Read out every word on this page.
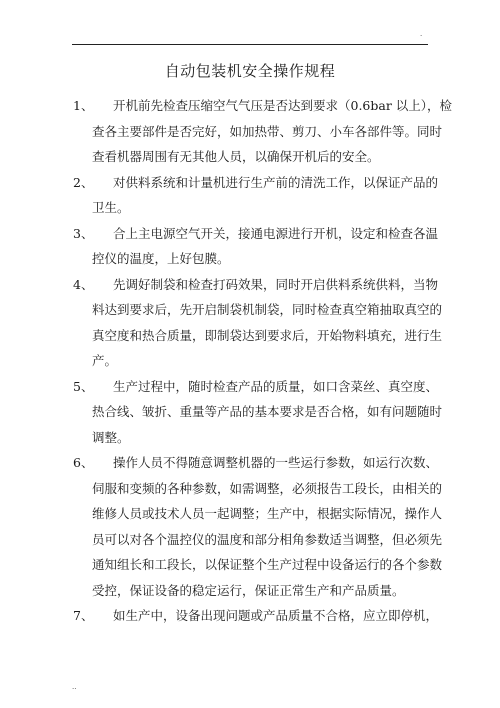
.
自动包装机安全操作规程
1、	开机前先检查压缩空气气压是否达到要求（0.6bar 以上），检
查各主要部件是否完好，如加热带、剪刀、小车各部件等。同时
查看机器周围有无其他人员，以确保开机后的安全。
2、	对供料系统和计量机进行生产前的清洗工作，以保证产品的
卫生。
3、	合上主电源空气开关，接通电源进行开机，设定和检查各温
控仪的温度，上好包膜。
4、	先调好制袋和检查打码效果，同时开启供料系统供料，当物
料达到要求后，先开启制袋机制袋，同时检查真空箱抽取真空的
真空度和热合质量，即制袋达到要求后，开始物料填充，进行生
产。
5、	生产过程中，随时检查产品的质量，如口含菜丝、真空度、
热合线、皱折、重量等产品的基本要求是否合格，如有问题随时
调整。
6、	操作人员不得随意调整机器的一些运行参数，如运行次数、
伺服和变频的各种参数，如需调整，必须报告工段长，由相关的
维修人员或技术人员一起调整；生产中，根据实际情况，操作人
员可以对各个温控仪的温度和部分相角参数适当调整，但必须先
通知组长和工段长，以保证整个生产过程中设备运行的各个参数
受控，保证设备的稳定运行，保证正常生产和产品质量。
7、	如生产中，设备出现问题或产品质量不合格，应立即停机，
..
